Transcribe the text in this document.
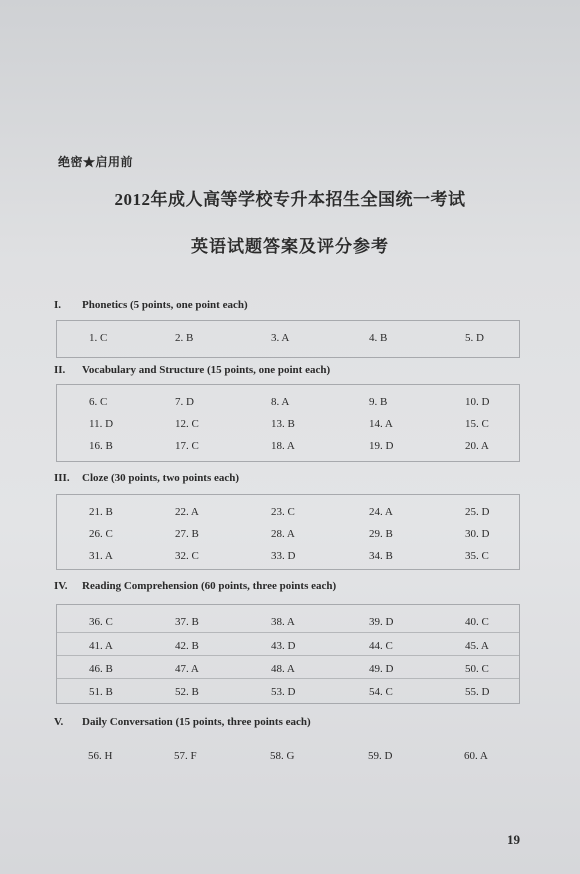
绝密★启用前
2012年成人高等学校专升本招生全国统一考试
英语试题答案及评分参考
I. Phonetics (5 points, one point each)
1. C	2. B	3. A	4. B	5. D
II. Vocabulary and Structure (15 points, one point each)
6. C	7. D	8. A	9. B	10. D
11. D	12. C	13. B	14. A	15. C
16. B	17. C	18. A	19. D	20. A
III. Cloze (30 points, two points each)
21. B	22. A	23. C	24. A	25. D
26. C	27. B	28. A	29. B	30. D
31. A	32. C	33. D	34. B	35. C
IV. Reading Comprehension (60 points, three points each)
36. C	37. B	38. A	39. D	40. C
41. A	42. B	43. D	44. C	45. A
46. B	47. A	48. A	49. D	50. C
51. B	52. B	53. D	54. C	55. D
V. Daily Conversation (15 points, three points each)
56. H	57. F	58. G	59. D	60. A
19
